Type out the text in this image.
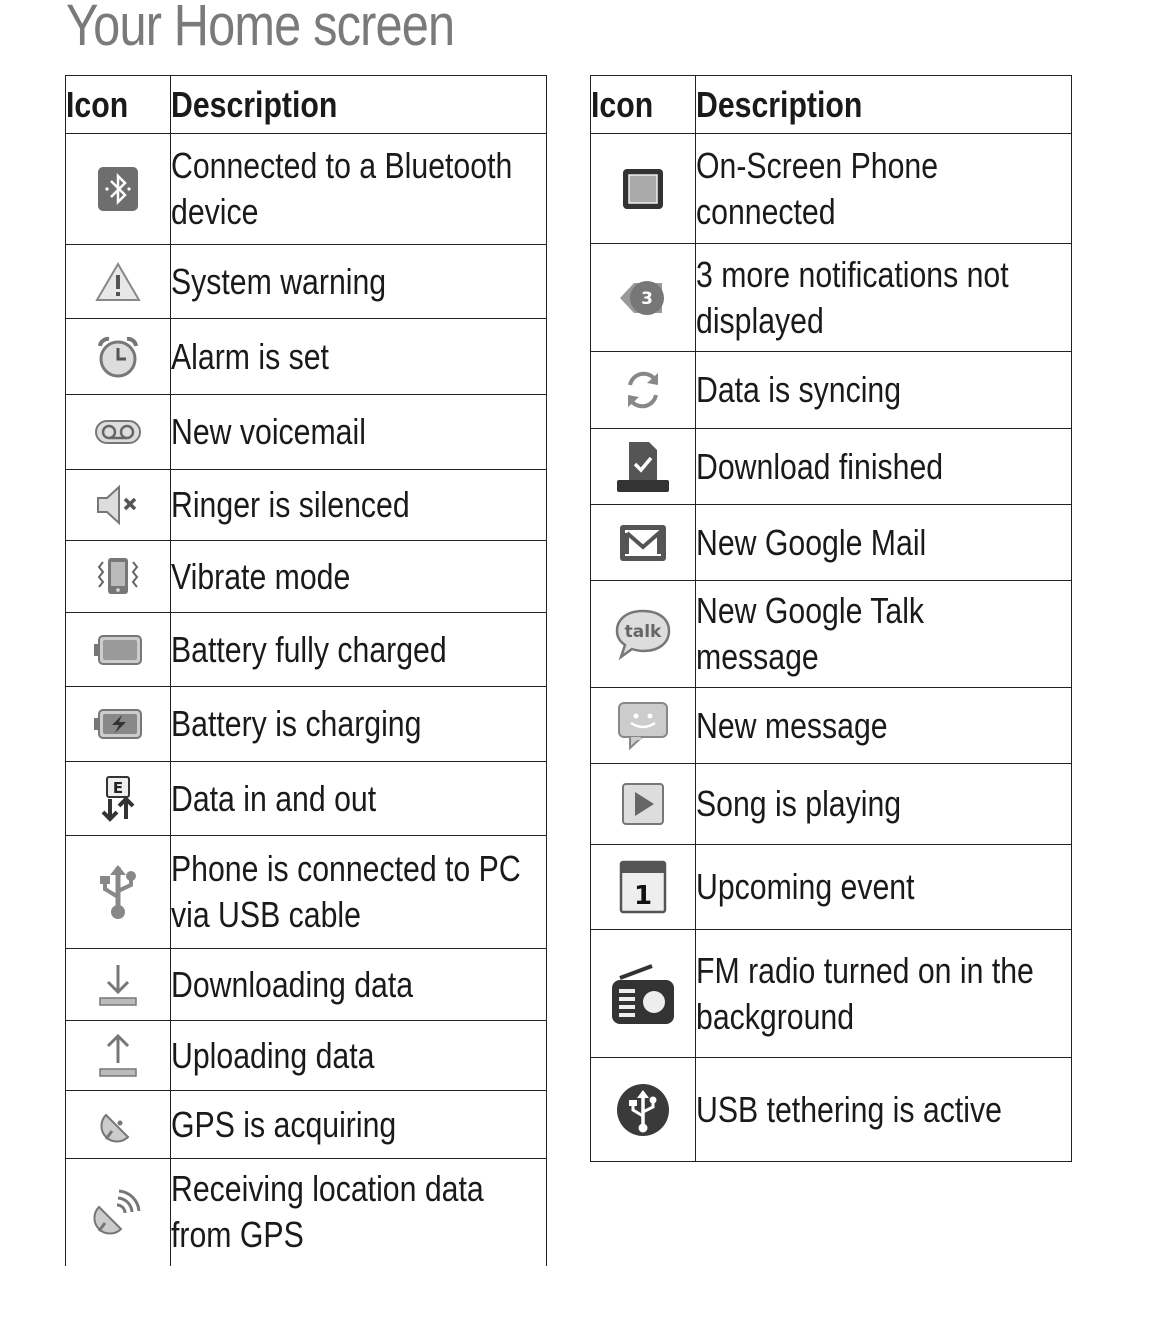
Your Home screen
Icon	Description

	Connected to a Bluetooth device

	System warning

	Alarm is set

	New voicemail

	Ringer is silenced

	Vibrate mode

	Battery fully charged

	Battery is charging

E	Data in and out

	Phone is connected to PC via USB cable

	Downloading data

	Uploading data

	GPS is acquiring

	Receiving location data from GPS
Icon	Description

	On-Screen Phone connected

3	3 more notifications not displayed

	Data is syncing

	Download finished

	New Google Mail

talk	New Google Talk message

	New message

	Song is playing

1	Upcoming event

	FM radio turned on in the background

	USB tethering is active
